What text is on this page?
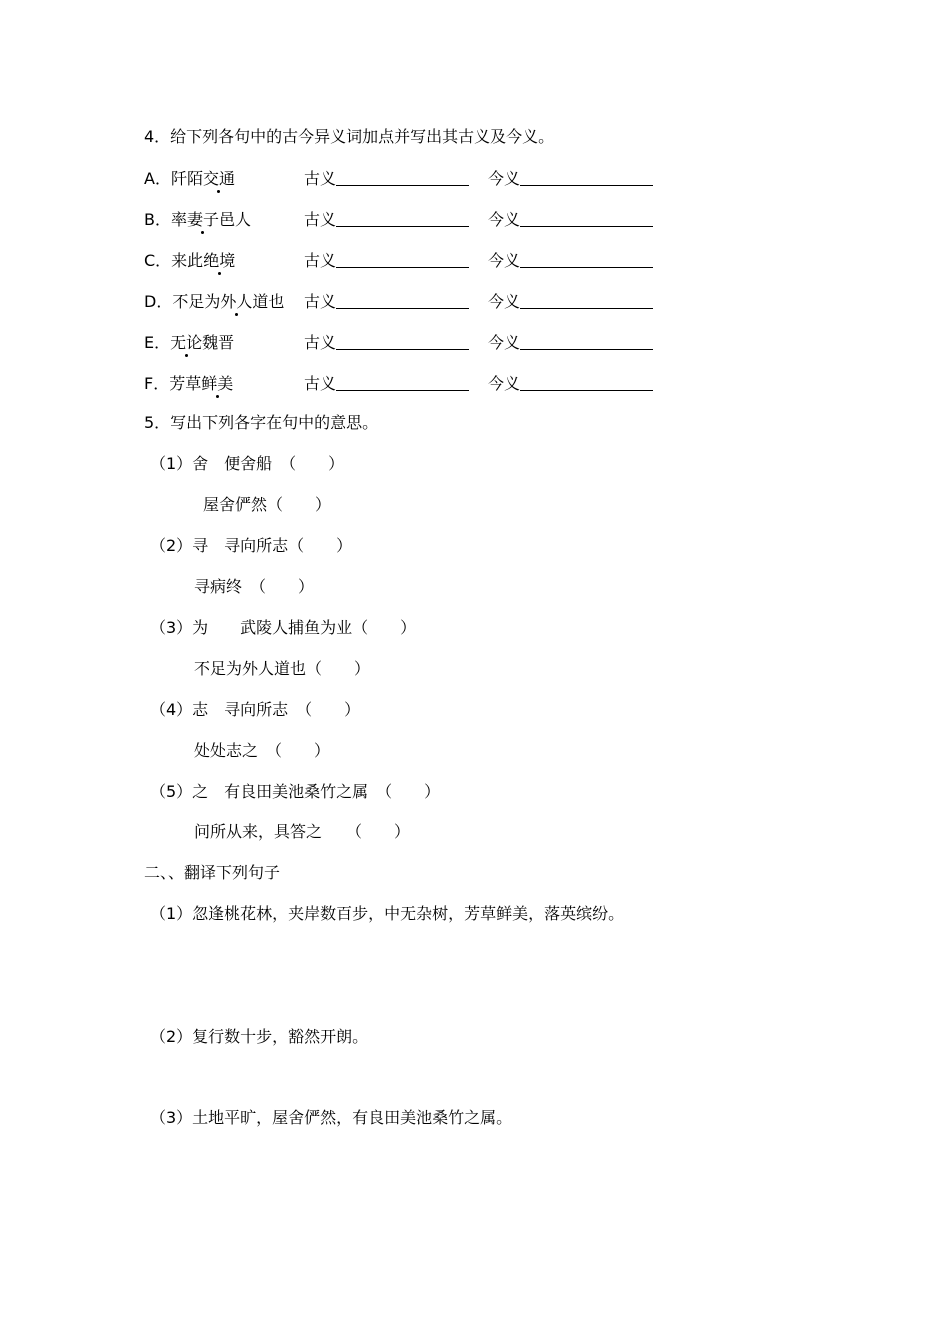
4．给下列各句中的古今异义词加点并写出其古义及今义。
A．阡陌交通	古义	今义
B．率妻子邑人	古义	今义
C．来此绝境	古义	今义
D．不足为外人道也 古义	今义
E．无论魏晋	古义	今义
F．芳草鲜美	古义	今义
5．写出下列各字在句中的意思。
（1）舍　便舍船　（　　）
屋舍俨然（　　）
（2）寻　寻向所志（　　）
寻病终　（　　）
（3）为　　武陵人捕鱼为业（　　）
不足为外人道也（　　）
（4）志　寻向所志　（　　）
处处志之　（　　）
（5）之　有良田美池桑竹之属　（　　）
问所从来，具答之　　（　　）
二、、翻译下列句子
（1）忽逢桃花林，夹岸数百步，中无杂树，芳草鲜美，落英缤纷。
（2）复行数十步，豁然开朗。
（3）土地平旷，屋舍俨然，有良田美池桑竹之属。
